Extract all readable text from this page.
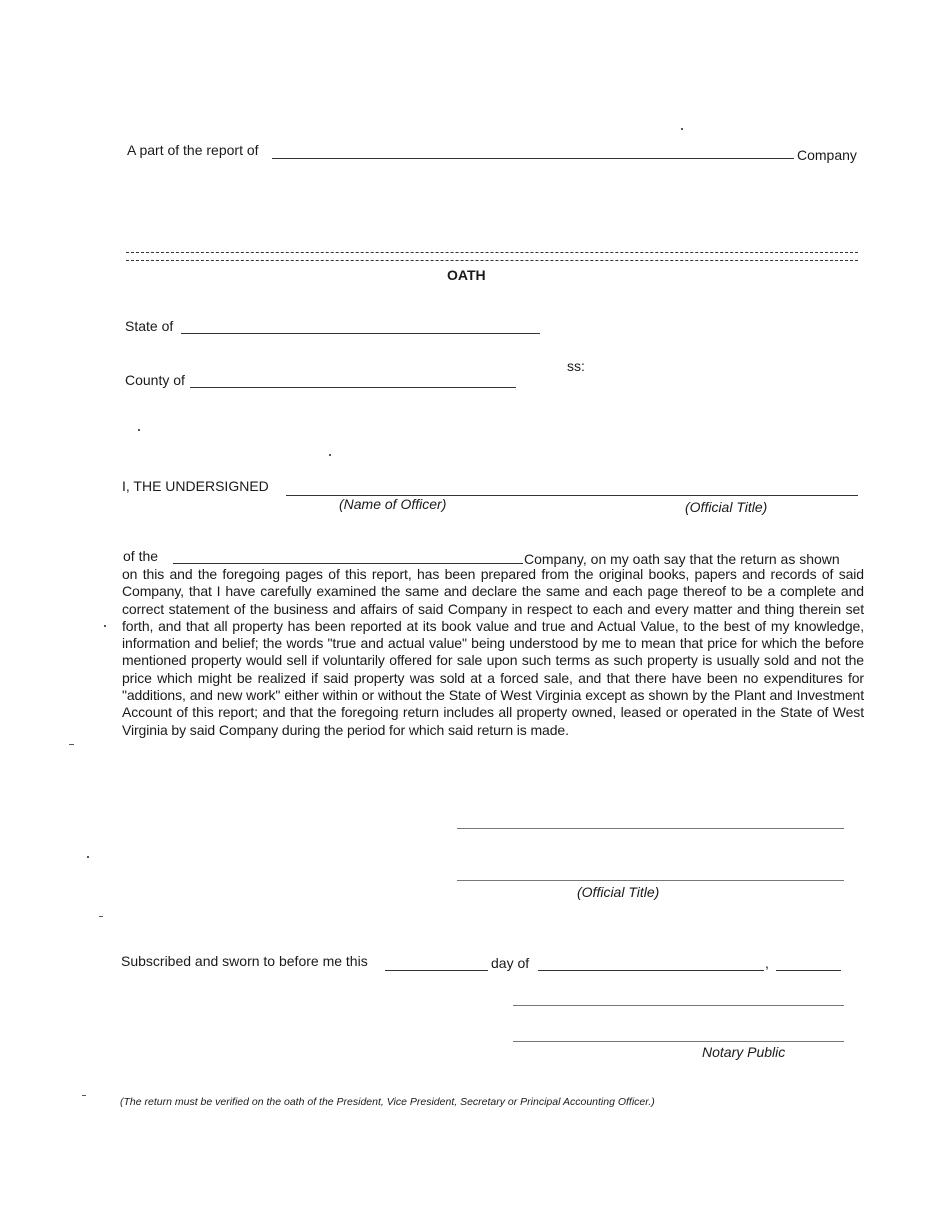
A part of the report of	Company
OATH
State of
ss:
County of
I, THE UNDERSIGNED
(Name of Officer)	(Official Title)
of the	Company, on my oath say that the return as shown
on this and the foregoing pages of this report, has been prepared from the original books, papers and records of said Company, that I have carefully examined the same and declare the same and each page thereof to be a complete and correct statement of the business and affairs of said Company in respect to each and every matter and thing therein set forth, and that all property has been reported at its book value and true and Actual Value, to the best of my knowledge, information and belief; the words "true and actual value" being understood by me to mean that price for which the before mentioned property would sell if voluntarily offered for sale upon such terms as such property is usually sold and not the price which might be realized if said property was sold at a forced sale, and that there have been no expenditures for "additions, and new work" either within or without the State of West Virginia except as shown by the Plant and Investment Account of this report; and that the foregoing return includes all property owned, leased or operated in the State of West Virginia by said Company during the period for which said return is made.
(Official Title)
Subscribed and sworn to before me this	day of	,
Notary Public
(The return must be verified on the oath of the President, Vice President, Secretary or Principal Accounting Officer.)
